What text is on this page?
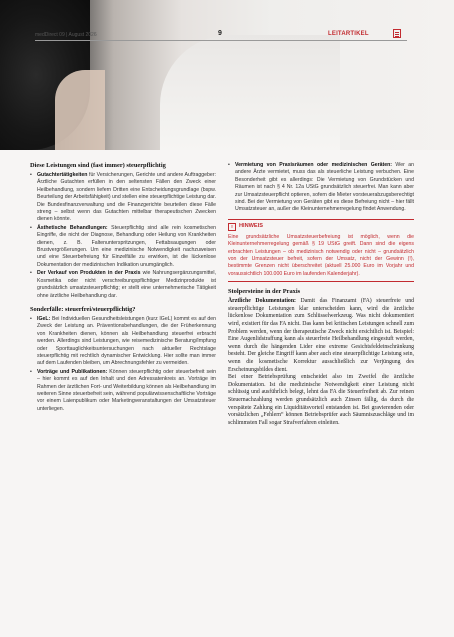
medDirect 09 | August 2026	9	LEITARTIKEL
Diese Leistungen sind (fast immer) steuerpflichtig
• Gutachtertätigkeiten für Versicherungen, Gerichte und andere Auftraggeber: Ärztliche Gutachten erfüllen in den seltensten Fällen den Zweck einer Heilbehandlung, sondern liefern Dritten eine Entscheidungsgrundlage (bspw. Beurteilung der Arbeitsfähigkeit) und stellen eine steuerpflichtige Leistung dar. Die Bundesfinanzverwaltung und die Finanzgerichte beurteilen diese Fälle streng – selbst wenn das Gutachten mittelbar therapeutischen Zwecken dienen könnte.
• Ästhetische Behandlungen: Steuerpflichtig sind alle rein kosmetischen Eingriffe, die nicht der Diagnose, Behandlung oder Heilung von Krankheiten dienen, z. B. Faltenunterspritzungen, Fettabsaugungen oder Brustvergrößerungen. Um eine medizinische Notwendigkeit nachzuweisen und eine Steuerbefreiung für Einzelfälle zu erwirken, ist die lückenlose Dokumentation der medizinischen Indikation unumgänglich.
• Der Verkauf von Produkten in der Praxis wie Nahrungsergänzungsmittel, Kosmetika oder nicht verschreibungspflichtiger Medizinprodukte ist grundsätzlich umsatzsteuerpflichtig; er stellt eine unternehmerische Tätigkeit ohne ärztliche Heilbehandlung dar.
Sonderfälle: steuerfrei/steuerpflichtig?
• IGeL: Bei Individuellen Gesundheitsleistungen (kurz IGeL) kommt es auf den Zweck der Leistung an. Präventionsbehandlungen, die der Früherkennung von Krankheiten dienen, können als Heilbehandlung steuerfrei erbracht werden. Allerdings sind Leistungen, wie reisemedizinische Beratung/Impfung oder Sporttauglichkeitsuntersuchungen nach aktueller Rechtslage steuerpflichtig mit rechtlich dynamischer Entwicklung. Hier sollte man immer auf dem Laufenden bleiben, um Abrechnungsfehler zu vermeiden.
• Vorträge und Publikationen: Können steuerpflichtig oder steuerbefreit sein – hier kommt es auf den Inhalt und den Adressatenkreis an. Vorträge im Rahmen der ärztlichen Fort- und Weiterbildung können als Heilbehandlung im weiteren Sinne steuerbefreit sein, während populärwissenschaftliche Vorträge vor einem Laienpublikum oder Marketingveranstaltungen der Umsatzsteuer unterliegen.
• Vermietung von Praxisräumen oder medizinischen Geräten: Wer an andere Ärzte vermietet, muss das als steuerliche Leistung verbuchen. Eine Besonderheit gibt es allerdings: Die Vermietung von Grundstücken und Räumen ist nach § 4 Nr. 12a UStG grundsätzlich steuerfrei. Man kann aber zur Umsatzsteuerpflicht optieren, sofern die Mieter vorsteuerabzugsberechtigt sind. Bei der Vermietung von Geräten gibt es diese Befreiung nicht – hier fällt Umsatzsteuer an, außer die Kleinunternehmerregelung findet Anwendung.
!	HINWEIS
Eine grundsätzliche Umsatzsteuerbefreiung ist möglich, wenn die Kleinunternehmerregelung gemäß § 19 UStG greift. Dann sind die eigens erbrachten Leistungen – ob medizinisch notwendig oder nicht – grundsätzlich von der Umsatzsteuer befreit, sofern der Umsatz, nicht der Gewinn (!), bestimmte Grenzen nicht überschreitet (aktuell 25.000 Euro im Vorjahr und voraussichtlich 100.000 Euro im laufenden Kalenderjahr).
Stolpersteine in der Praxis

Ärztliche Dokumentation: Damit das Finanzamt (FA) steuerfreie und steuerpflichtige Leistungen klar unterscheiden kann, wird die ärztliche lückenlose Dokumentation zum Schlüsselwerkzeug. Was nicht dokumentiert wird, existiert für das FA nicht. Das kann bei kritischen Leistungen schnell zum Problem werden, wenn der therapeutische Zweck nicht ersichtlich ist. Beispiel: Eine Augenlidstraffung kann als steuerfreie Heilbehandlung eingestuft werden, wenn durch die hängenden Lider eine extreme Gesichtsfeldeinschränkung besteht. Der gleiche Eingriff kann aber auch eine steuerpflichtige Leistung sein, wenn die kosmetische Korrektur ausschließlich zur Verjüngung des Erscheinungsbildes dient.

Bei einer Betriebsprüfung entscheidet also im Zweifel die ärztliche Dokumentation. Ist die medizinische Notwendigkeit einer Leistung nicht schlüssig und ausführlich belegt, lehnt das FA die Steuerfreiheit ab. Zur reinen Steuernachzahlung werden grundsätzlich auch Zinsen fällig, da durch die verspätete Zahlung ein Liquiditätsvorteil entstanden ist. Bei gravierenden oder vorsätzlichen „Fehlern“ können Betriebsprüfer auch Säumniszuschläge und im schlimmsten Fall sogar Strafverfahren einleiten.
